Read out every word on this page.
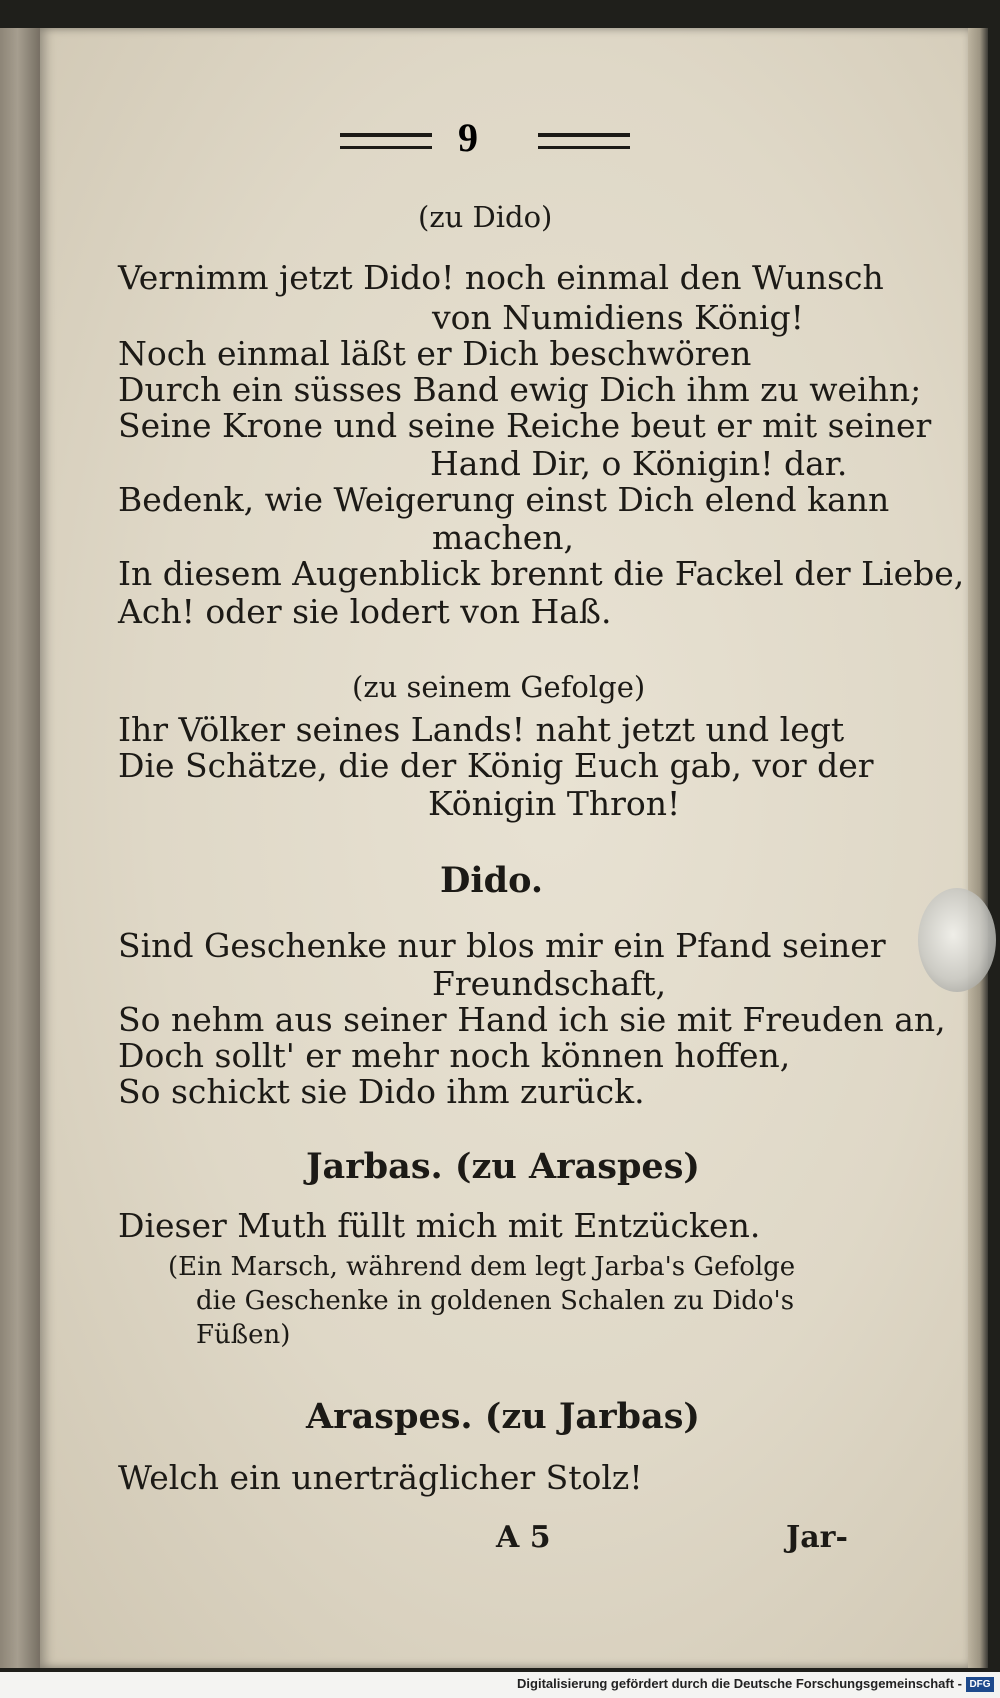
9
(zu Dido)
Vernimm jetzt Dido! noch einmal den Wunsch
von Numidiens König!
Noch einmal läßt er Dich beschwören
Durch ein süsses Band ewig Dich ihm zu weihn;
Seine Krone und seine Reiche beut er mit seiner
Hand Dir, o Königin! dar.
Bedenk, wie Weigerung einst Dich elend kann
machen,
In diesem Augenblick brennt die Fackel der Liebe,
Ach! oder sie lodert von Haß.
(zu seinem Gefolge)
Ihr Völker seines Lands! naht jetzt und legt
Die Schätze, die der König Euch gab, vor der
Königin Thron!
Dido.
Sind Geschenke nur blos mir ein Pfand seiner
Freundschaft,
So nehm aus seiner Hand ich sie mit Freuden an,
Doch sollt' er mehr noch können hoffen,
So schickt sie Dido ihm zurück.
Jarbas. (zu Araspes)
Dieser Muth füllt mich mit Entzücken.
(Ein Marsch, während dem legt Jarba's Gefolge
die Geschenke in goldenen Schalen zu Dido's
Füßen)
Araspes. (zu Jarbas)
Welch ein unerträglicher Stolz!
A 5	Jar-
Digitalisierung gefördert durch die Deutsche Forschungsgemeinschaft - DFG
